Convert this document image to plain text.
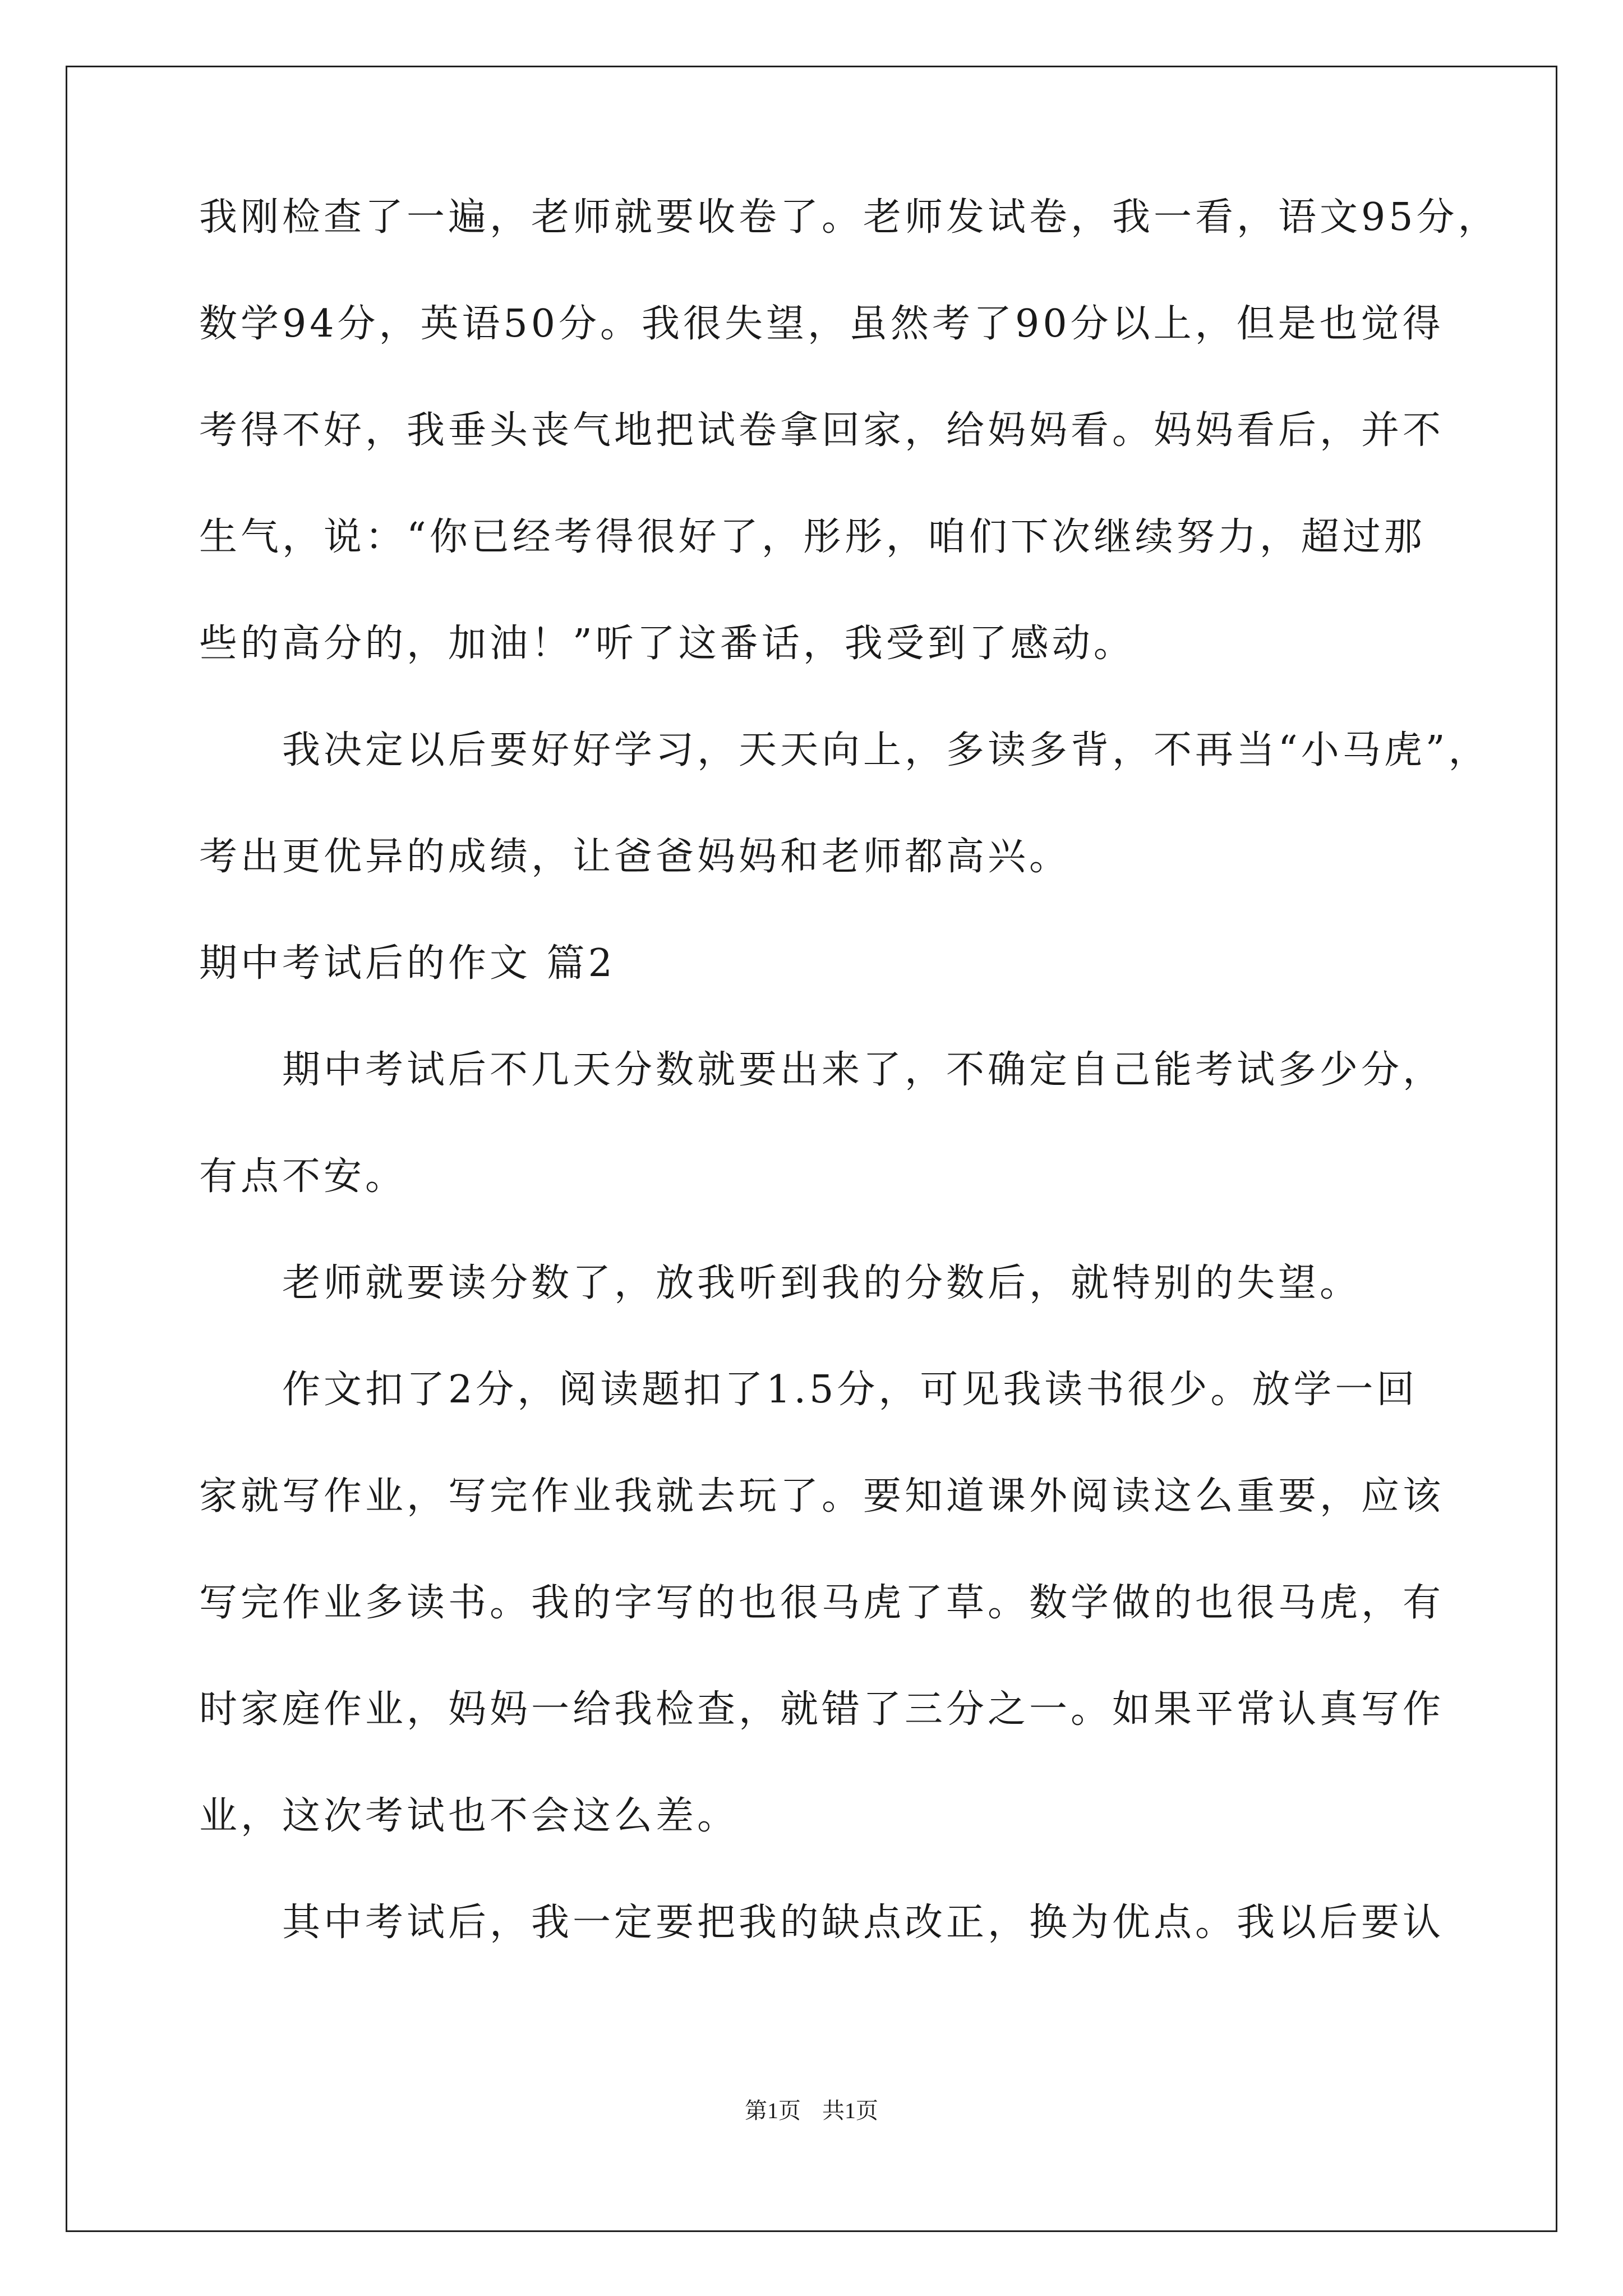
我刚检查了一遍，老师就要收卷了。老师发试卷，我一看，语文95分，
数学94分，英语50分。我很失望，虽然考了90分以上，但是也觉得
考得不好，我垂头丧气地把试卷拿回家，给妈妈看。妈妈看后，并不
生气，说：“你已经考得很好了，彤彤，咱们下次继续努力，超过那
些的高分的，加油！”听了这番话，我受到了感动。
我决定以后要好好学习，天天向上，多读多背，不再当“小马虎”，
考出更优异的成绩，让爸爸妈妈和老师都高兴。
期中考试后的作文 篇2
期中考试后不几天分数就要出来了，不确定自己能考试多少分，
有点不安。
老师就要读分数了，放我听到我的分数后，就特别的失望。
作文扣了2分，阅读题扣了1.5分，可见我读书很少。放学一回
家就写作业，写完作业我就去玩了。要知道课外阅读这么重要，应该
写完作业多读书。我的字写的也很马虎了草。数学做的也很马虎，有
时家庭作业，妈妈一给我检查，就错了三分之一。如果平常认真写作
业，这次考试也不会这么差。
其中考试后，我一定要把我的缺点改正，换为优点。我以后要认
第1页 共1页
